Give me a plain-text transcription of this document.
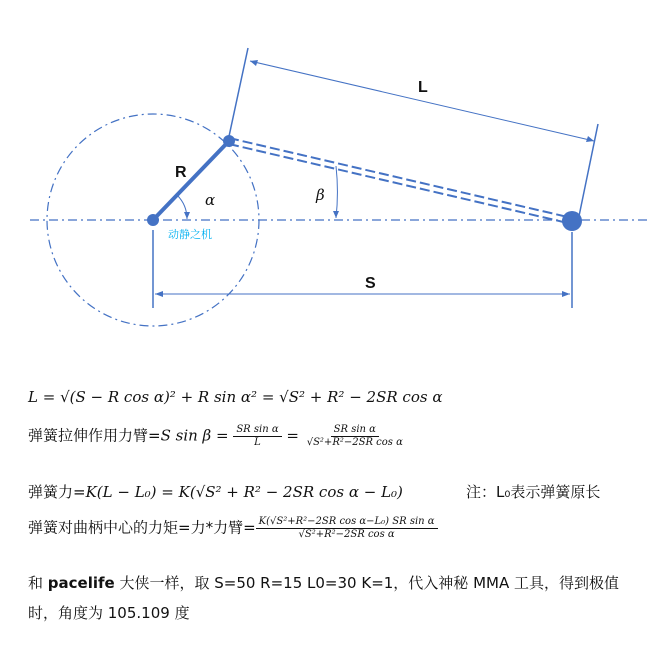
L
R
S
α	β
动静之机
L = √(S − R cos α)² + R sin α² = √S² + R² − 2SR cos α
弹簧拉伸作用力臂=S $\sin \beta = \frac{\text{SR sin α}}{L} = \frac{\text{SR sin α}}{\text{√S²+R²−2SR cos α}}$
弹簧力=K(L − L₀) = K(√S² + R² − 2SR cos α − L₀)	注：L₀表示弹簧原长
弹簧对曲柄中心的力矩=力*力臂= $\frac{\text{K(√S²+R²−2SR cos α−L₀) SR sin α}}{\text{√S²+R²−2SR cos α}}$
和 pacelife 大侠一样，取 S=50 R=15 L0=30 K=1，代入神秘 MMA 工具，得到极值时，角度为 105.109 度
